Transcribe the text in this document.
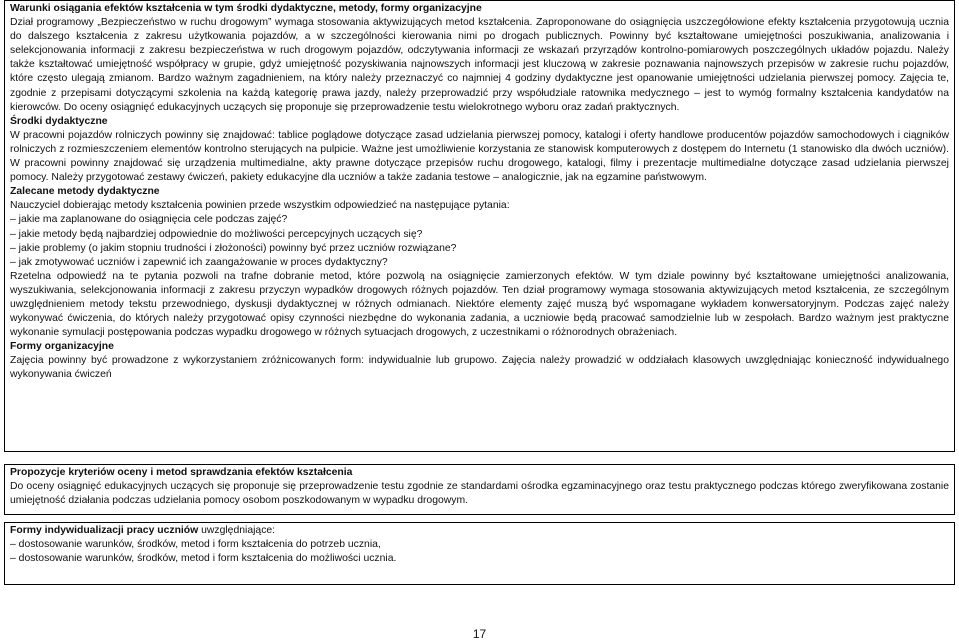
Warunki osiągania efektów kształcenia w tym środki dydaktyczne, metody, formy organizacyjne

Dział programowy „Bezpieczeństwo w ruchu drogowym” wymaga stosowania aktywizujących metod kształcenia. Zaproponowane do osiągnięcia uszczegółowione efekty kształcenia przygotowują ucznia do dalszego kształcenia z zakresu użytkowania pojazdów, a w szczególności kierowania nimi po drogach publicznych. Powinny być kształtowane umiejętności poszukiwania, analizowania i selekcjonowania informacji z zakresu bezpieczeństwa w ruch drogowym pojazdów, odczytywania informacji ze wskazań przyrządów kontrolno-pomiarowych poszczególnych układów pojazdu. Należy także kształtować umiejętność współpracy w grupie, gdyż umiejętność pozyskiwania najnowszych informacji jest kluczową w zakresie poznawania najnowszych przepisów w zakresie ruchu pojazdów, które często ulegają zmianom. Bardzo ważnym zagadnieniem, na który należy przeznaczyć co najmniej 4 godziny dydaktyczne jest opanowanie umiejętności udzielania pierwszej pomocy. Zajęcia te, zgodnie z przepisami dotyczącymi szkolenia na każdą kategorię prawa jazdy, należy przeprowadzić przy współudziale ratownika medycznego – jest to wymóg formalny kształcenia kandydatów na kierowców. Do oceny osiągnięć edukacyjnych uczących się proponuje się przeprowadzenie testu wielokrotnego wyboru oraz zadań praktycznych.

Środki dydaktyczne

W pracowni pojazdów rolniczych powinny się znajdować: tablice poglądowe dotyczące zasad udzielania pierwszej pomocy, katalogi i oferty handlowe producentów pojazdów samochodowych i ciągników rolniczych z rozmieszczeniem elementów kontrolno sterujących na pulpicie. Ważne jest umożliwienie korzystania ze stanowisk komputerowych z dostępem do Internetu (1 stanowisko dla dwóch uczniów). W pracowni powinny znajdować się urządzenia multimedialne, akty prawne dotyczące przepisów ruchu drogowego, katalogi, filmy i prezentacje multimedialne dotyczące zasad udzielania pierwszej pomocy. Należy przygotować zestawy ćwiczeń, pakiety edukacyjne dla uczniów a także zadania testowe – analogicznie, jak na egzamine państwowym.

Zalecane metody dydaktyczne

Nauczyciel dobierając metody kształcenia powinien przede wszystkim odpowiedzieć na następujące pytania:

– jakie ma zaplanowane do osiągnięcia cele podczas zajęć?

– jakie metody będą najbardziej odpowiednie do możliwości percepcyjnych uczących się?

– jakie problemy (o jakim stopniu trudności i złożoności) powinny być przez uczniów rozwiązane?

– jak zmotywować uczniów i zapewnić ich zaangażowanie w proces dydaktyczny?

Rzetelna odpowiedź na te pytania pozwoli na trafne dobranie metod, które pozwolą na osiągnięcie zamierzonych efektów. W tym dziale powinny być kształtowane umiejętności analizowania, wyszukiwania, selekcjonowania informacji z zakresu przyczyn wypadków drogowych różnych pojazdów. Ten dział programowy wymaga stosowania aktywizujących metod kształcenia, ze szczególnym uwzględnieniem metody tekstu przewodniego, dyskusji dydaktycznej w różnych odmianach. Niektóre elementy zajęć muszą być wspomagane wykładem konwersatoryjnym. Podczas zajęć należy wykonywać ćwiczenia, do których należy przygotować opisy czynności niezbędne do wykonania zadania, a uczniowie będą pracować samodzielnie lub w zespołach. Bardzo ważnym jest praktyczne wykonanie symulacji postępowania podczas wypadku drogowego w różnych sytuacjach drogowych, z uczestnikami o różnorodnych obrażeniach.

Formy organizacyjne

Zajęcia powinny być prowadzone z wykorzystaniem zróżnicowanych form: indywidualnie lub grupowo. Zajęcia należy prowadzić w oddziałach klasowych uwzględniając konieczność indywidualnego wykonywania ćwiczeń

Propozycje kryteriów oceny i metod sprawdzania efektów kształcenia

Do oceny osiągnięć edukacyjnych uczących się proponuje się przeprowadzenie testu zgodnie ze standardami ośrodka egzaminacyjnego oraz testu praktycznego podczas którego zweryfikowana zostanie umiejętność działania podczas udzielania pomocy osobom poszkodowanym w wypadku drogowym.

Formy indywidualizacji pracy uczniów uwzględniające:

– dostosowanie warunków, środków, metod i form kształcenia do potrzeb ucznia,

– dostosowanie warunków, środków, metod i form kształcenia do możliwości ucznia.

17
